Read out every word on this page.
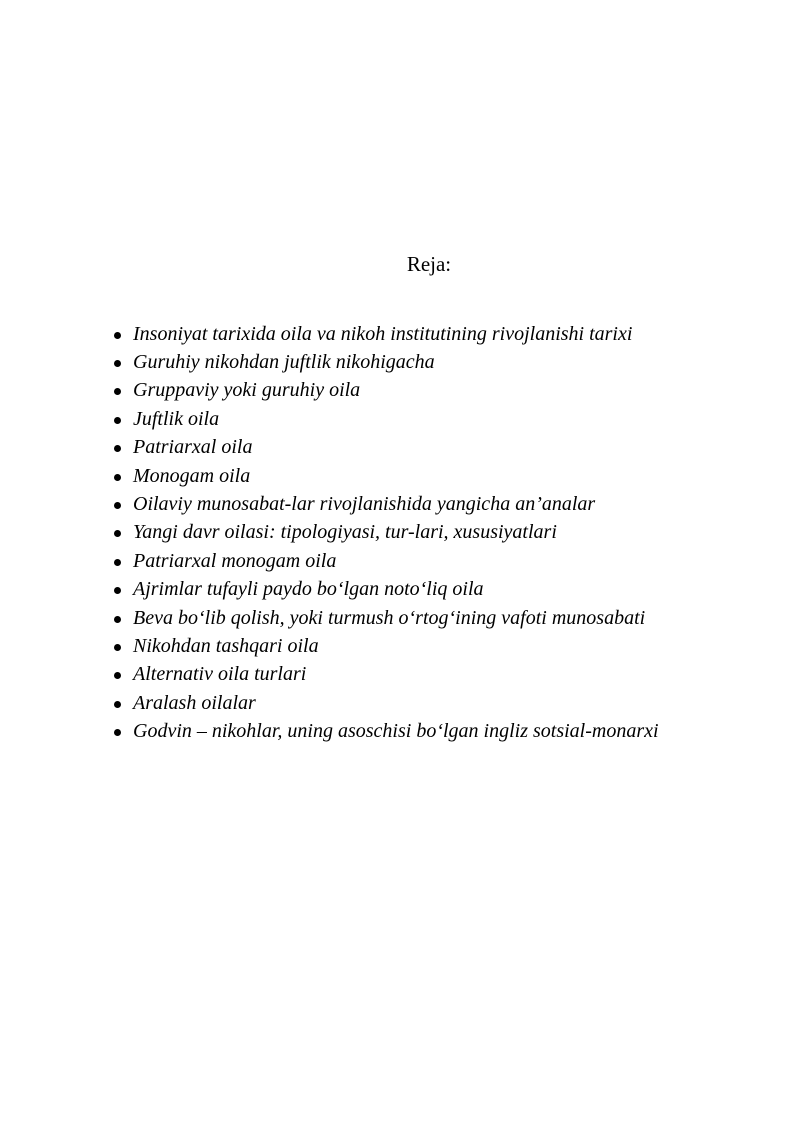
Reja:
Insoniyat tarixida oila va nikoh institutining rivojlanishi tarixi
Guruhiy nikohdan juftlik nikohigacha
Gruppaviy yoki guruhiy oila
Juftlik oila
Patriarxal oila
Monogam oila
Oilaviy munosabat-lar rivojlanishida yangicha an’analar
Yangi davr oilasi: tipologiyasi, tur-lari, xususiyatlari
Patriarxal monogam oila
Ajrimlar tufayli paydo bo‘lgan noto‘liq oila
Beva bo‘lib qolish, yoki turmush o‘rtog‘ining vafoti munosabati
Nikohdan tashqari oila
Alternativ oila turlari
Aralash oilalar
Godvin – nikohlar, uning asoschisi bo‘lgan ingliz sotsial-monarxi
